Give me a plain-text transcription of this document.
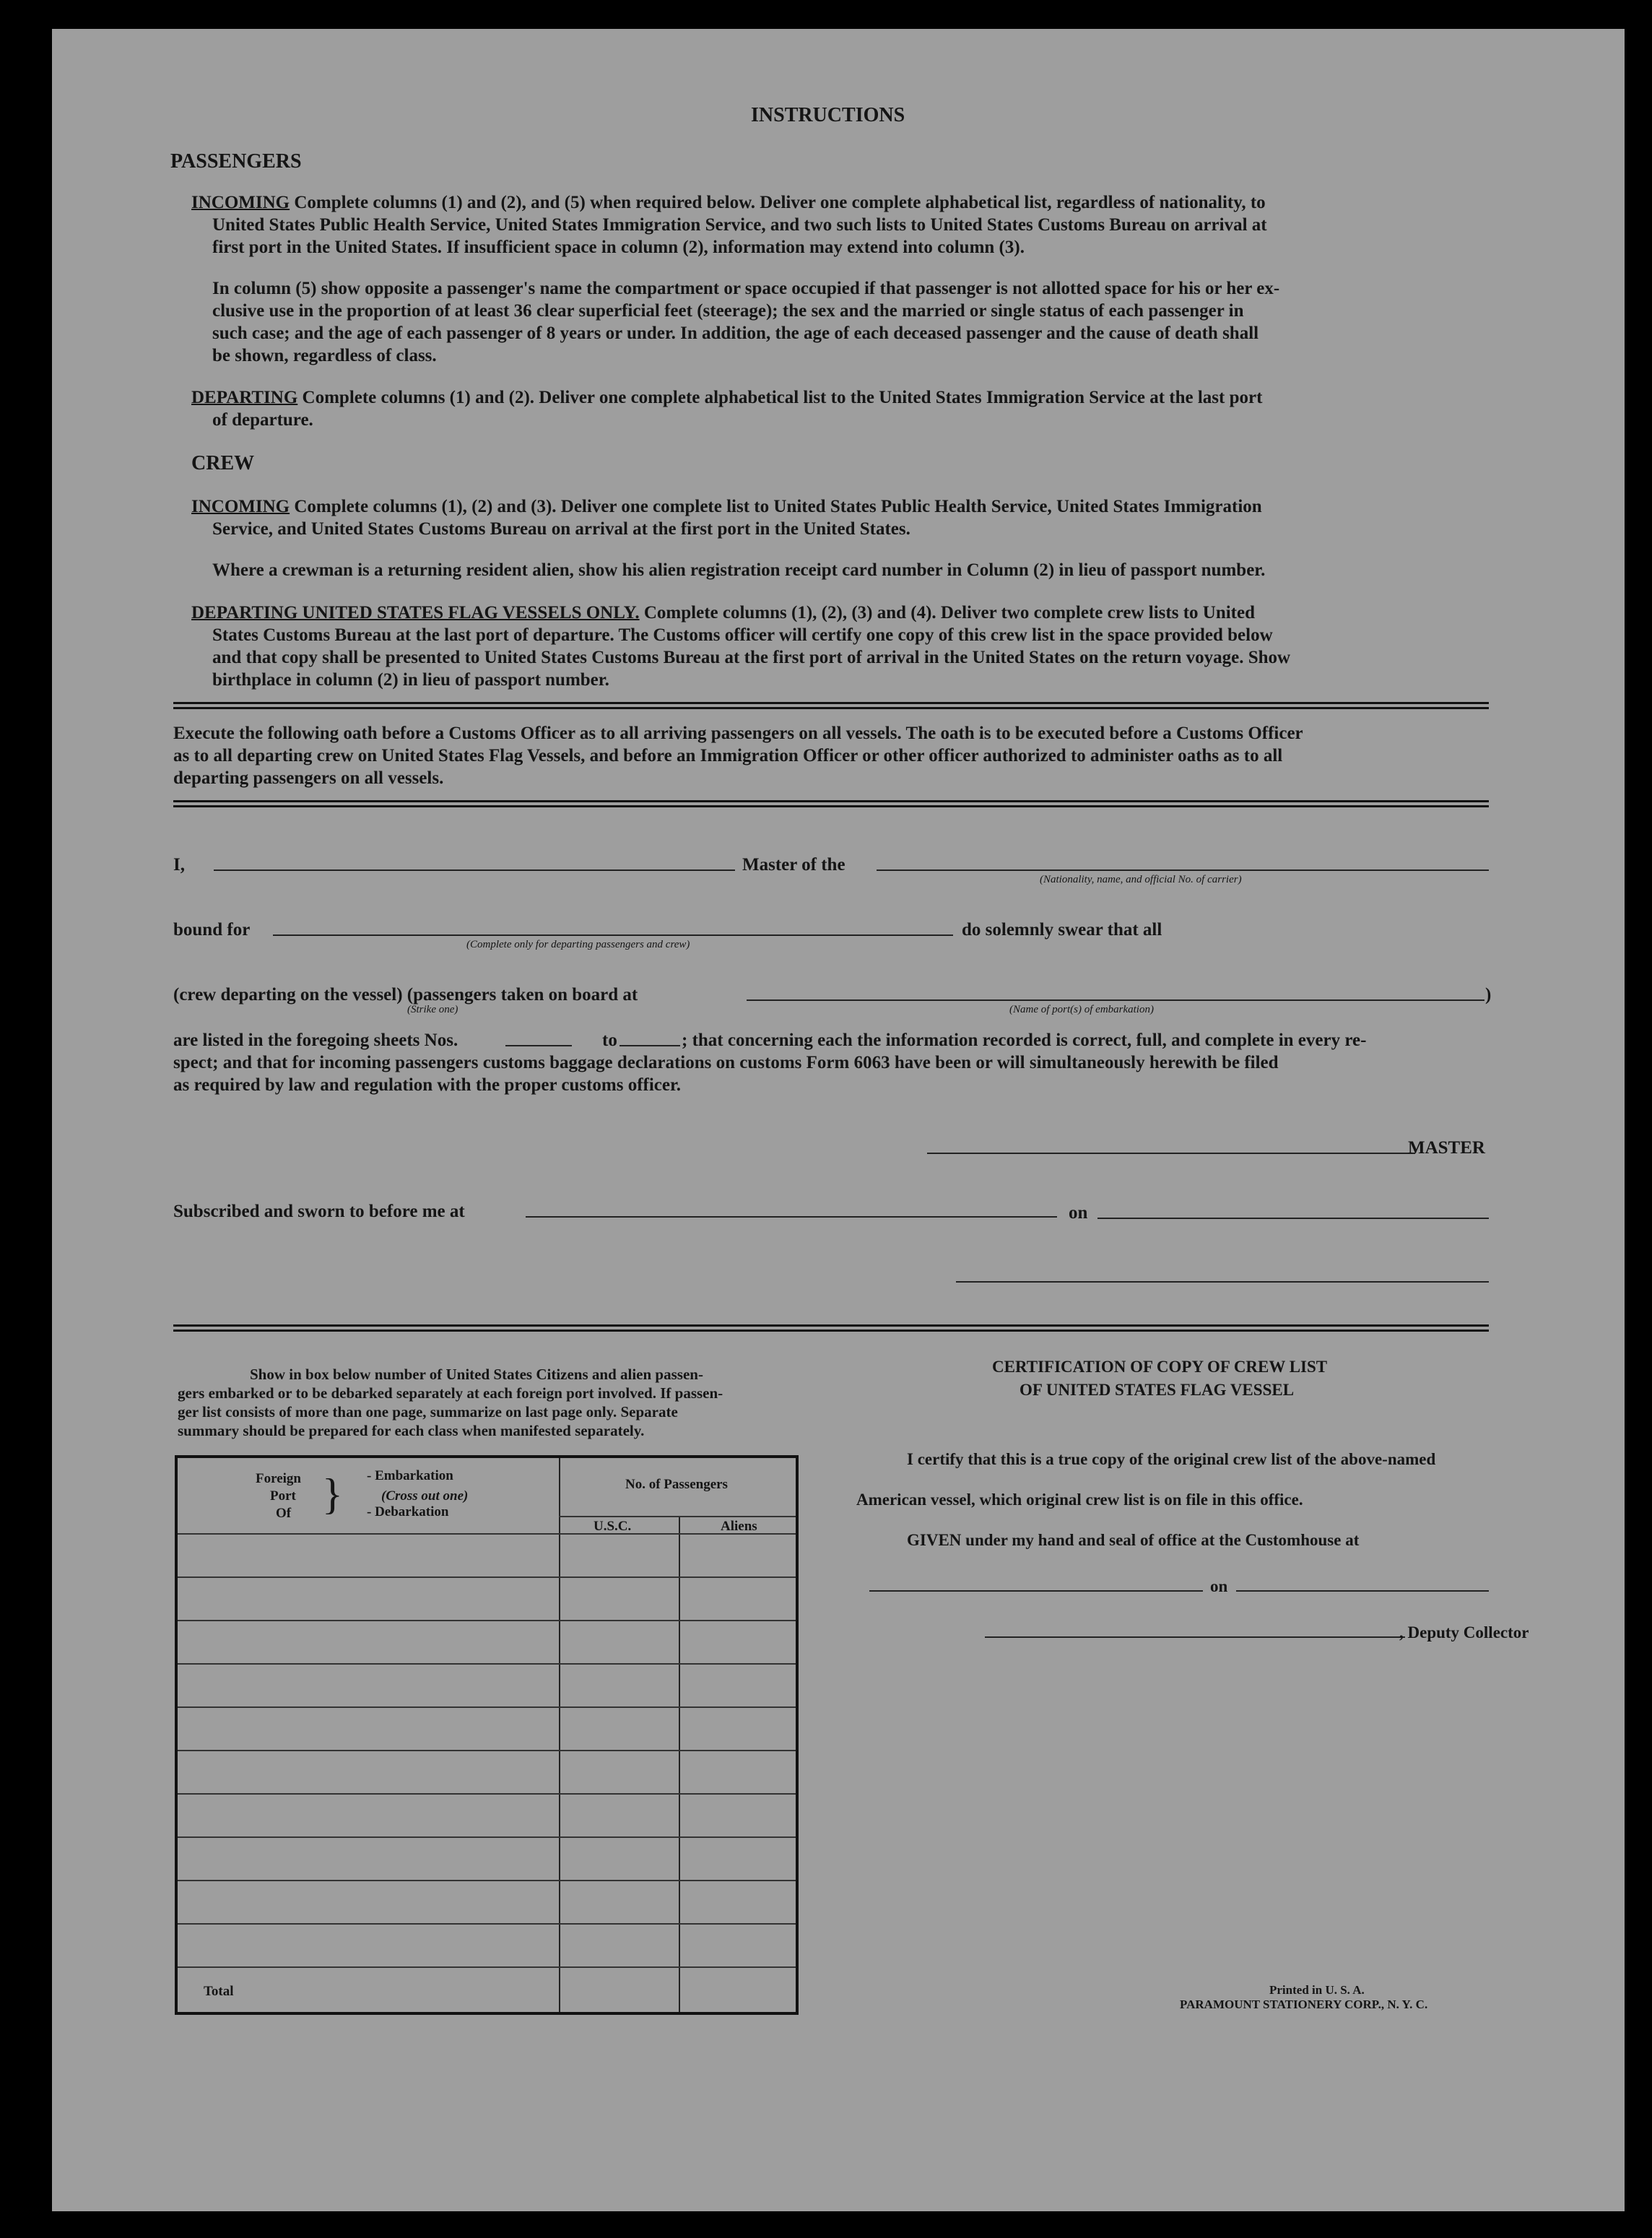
INSTRUCTIONS
PASSENGERS
INCOMING Complete columns (1) and (2), and (5) when required below. Deliver one complete alphabetical list, regardless of nationality, to
United States Public Health Service, United States Immigration Service, and two such lists to United States Customs Bureau on arrival at
first port in the United States. If insufficient space in column (2), information may extend into column (3).
In column (5) show opposite a passenger's name the compartment or space occupied if that passenger is not allotted space for his or her ex-
clusive use in the proportion of at least 36 clear superficial feet (steerage); the sex and the married or single status of each passenger in
such case; and the age of each passenger of 8 years or under. In addition, the age of each deceased passenger and the cause of death shall
be shown, regardless of class.
DEPARTING Complete columns (1) and (2). Deliver one complete alphabetical list to the United States Immigration Service at the last port
of departure.
CREW
INCOMING Complete columns (1), (2) and (3). Deliver one complete list to United States Public Health Service, United States Immigration
Service, and United States Customs Bureau on arrival at the first port in the United States.
Where a crewman is a returning resident alien, show his alien registration receipt card number in Column (2) in lieu of passport number.
DEPARTING UNITED STATES FLAG VESSELS ONLY. Complete columns (1), (2), (3) and (4). Deliver two complete crew lists to United
States Customs Bureau at the last port of departure. The Customs officer will certify one copy of this crew list in the space provided below
and that copy shall be presented to United States Customs Bureau at the first port of arrival in the United States on the return voyage. Show
birthplace in column (2) in lieu of passport number.
Execute the following oath before a Customs Officer as to all arriving passengers on all vessels. The oath is to be executed before a Customs Officer
as to all departing crew on United States Flag Vessels, and before an Immigration Officer or other officer authorized to administer oaths as to all
departing passengers on all vessels.
I,	Master of the
(Nationality, name, and official No. of carrier)
bound for
(Complete only for departing passengers and crew)
do solemnly swear that all
(crew departing on the vessel) (passengers taken on board at
(Strike one)
)
(Name of port(s) of embarkation)
are listed in the foregoing sheets Nos.	to	; that concerning each the information recorded is correct, full, and complete in every re-
spect; and that for incoming passengers customs baggage declarations on customs Form 6063 have been or will simultaneously herewith be filed
as required by law and regulation with the proper customs officer.
MASTER
Subscribed and sworn to before me at	on
Show in box below number of United States Citizens and alien passen-
gers embarked or to be debarked separately at each foreign port involved. If passen-
ger list consists of more than one page, summarize on last page only. Separate
summary should be prepared for each class when manifested separately.
Foreign
Port
Of } - Embarkation
(Cross out one)
- Debarkation
No. of Passengers
U.S.C.	Aliens
Total
CERTIFICATION OF COPY OF CREW LIST
OF UNITED STATES FLAG VESSEL
I certify that this is a true copy of the original crew list of the above-named
American vessel, which original crew list is on file in this office.
GIVEN under my hand and seal of office at the Customhouse at
on
, Deputy Collector
Printed in U. S. A.
PARAMOUNT STATIONERY CORP., N. Y. C.
